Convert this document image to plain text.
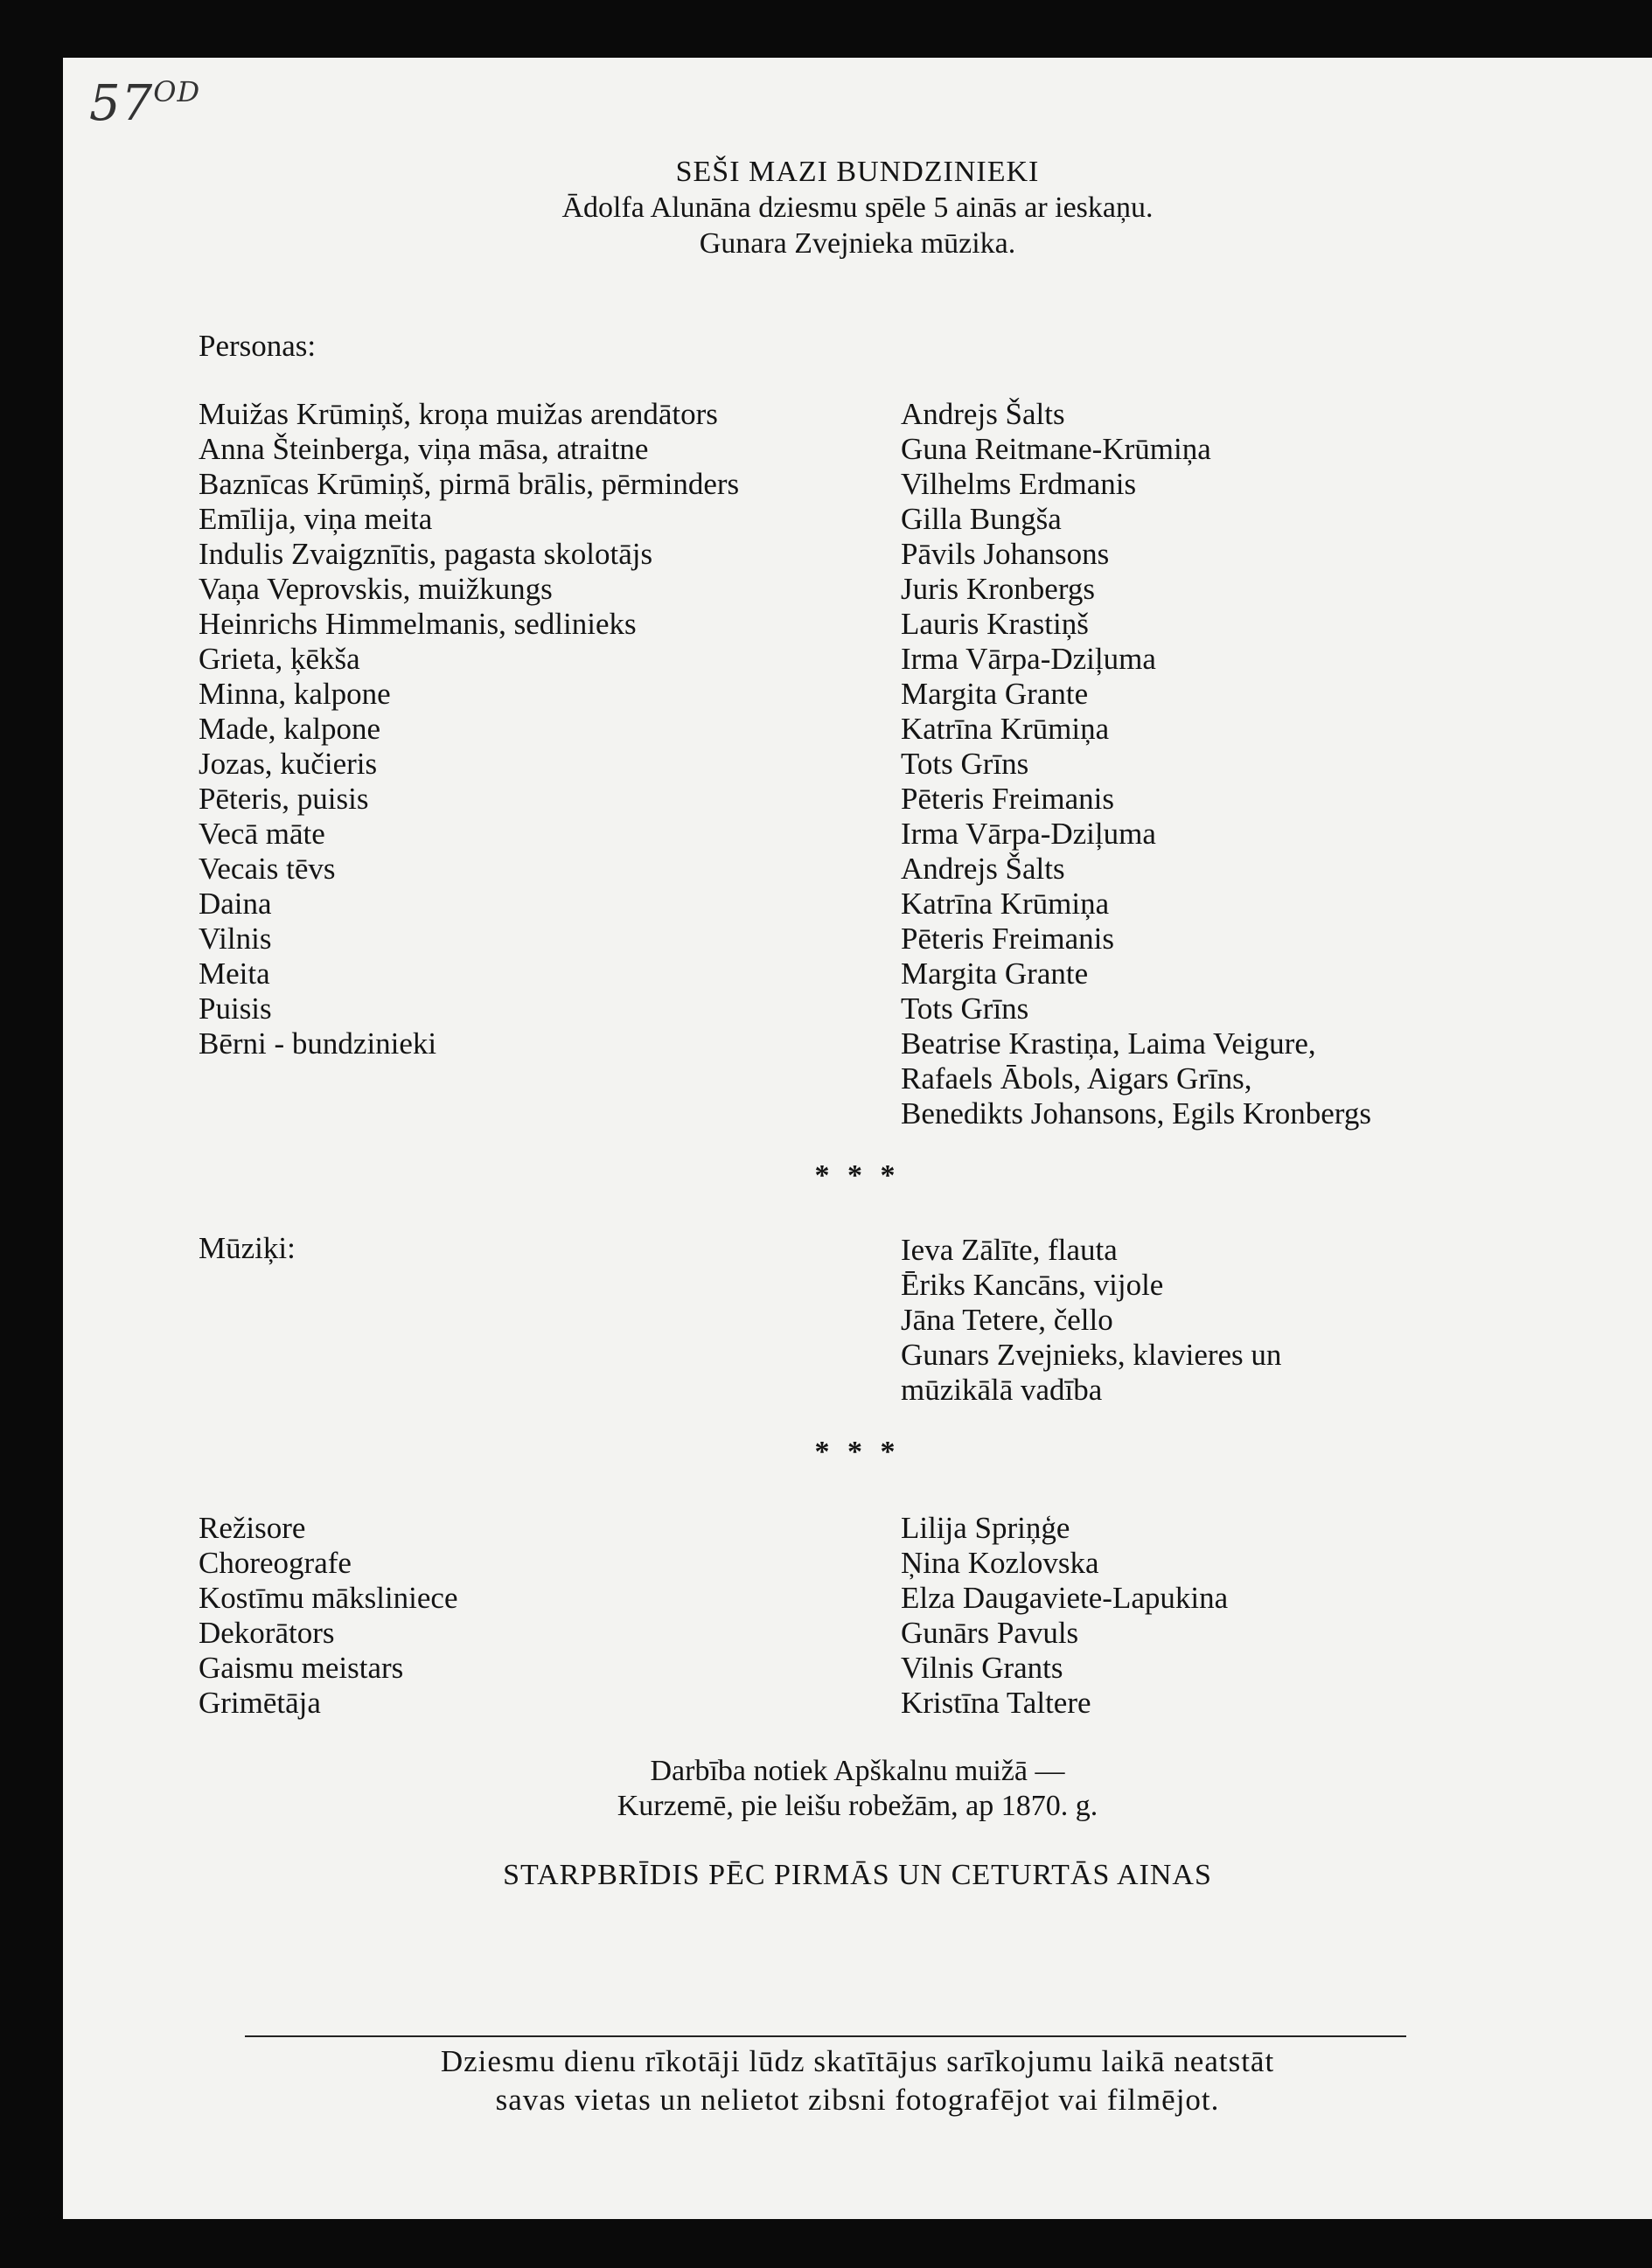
$57^{OD}$
SEŠI MAZI BUNDZINIEKI
Ādolfa Alunāna dziesmu spēle 5 ainās ar ieskaņu.
Gunara Zvejnieka mūzika.
Personas:
Muižas Krūmiņš, kroņa muižas arendātors	Andrejs Šalts
Anna Šteinberga, viņa māsa, atraitne	Guna Reitmane-Krūmiņa
Baznīcas Krūmiņš, pirmā brālis, pērminders	Vilhelms Erdmanis
Emīlija, viņa meita	Gilla Bungša
Indulis Zvaigznītis, pagasta skolotājs	Pāvils Johansons
Vaņa Veprovskis, muižkungs	Juris Kronbergs
Heinrichs Himmelmanis, sedlinieks	Lauris Krastiņš
Grieta, ķēkša	Irma Vārpa-Dziļuma
Minna, kalpone	Margita Grante
Made, kalpone	Katrīna Krūmiņa
Jozas, kučieris	Tots Grīns
Pēteris, puisis	Pēteris Freimanis
Vecā māte	Irma Vārpa-Dziļuma
Vecais tēvs	Andrejs Šalts
Daina	Katrīna Krūmiņa
Vilnis	Pēteris Freimanis
Meita	Margita Grante
Puisis	Tots Grīns
Bērni - bundzinieki	Beatrise Krastiņa, Laima Veigure,
Rafaels Ābols, Aigars Grīns,
Benedikts Johansons, Egils Kronbergs
* * *
Mūziķi:	Ieva Zālīte, flauta
Ēriks Kancāns, vijole
Jāna Tetere, čello
Gunars Zvejnieks, klavieres un
mūzikālā vadība
* * *
Režisore	Lilija Spriņģe
Choreografe	Ņina Kozlovska
Kostīmu māksliniece	Elza Daugaviete-Lapukina
Dekorātors	Gunārs Pavuls
Gaismu meistars	Vilnis Grants
Grimētāja	Kristīna Taltere
Darbība notiek Apškalnu muižā —
Kurzemē, pie leišu robežām, ap 1870. g.
STARPBRĪDIS PĒC PIRMĀS UN CETURTĀS AINAS
Dziesmu dienu rīkotāji lūdz skatītājus sarīkojumu laikā neatstāt
savas vietas un nelietot zibsni fotografējot vai filmējot.
